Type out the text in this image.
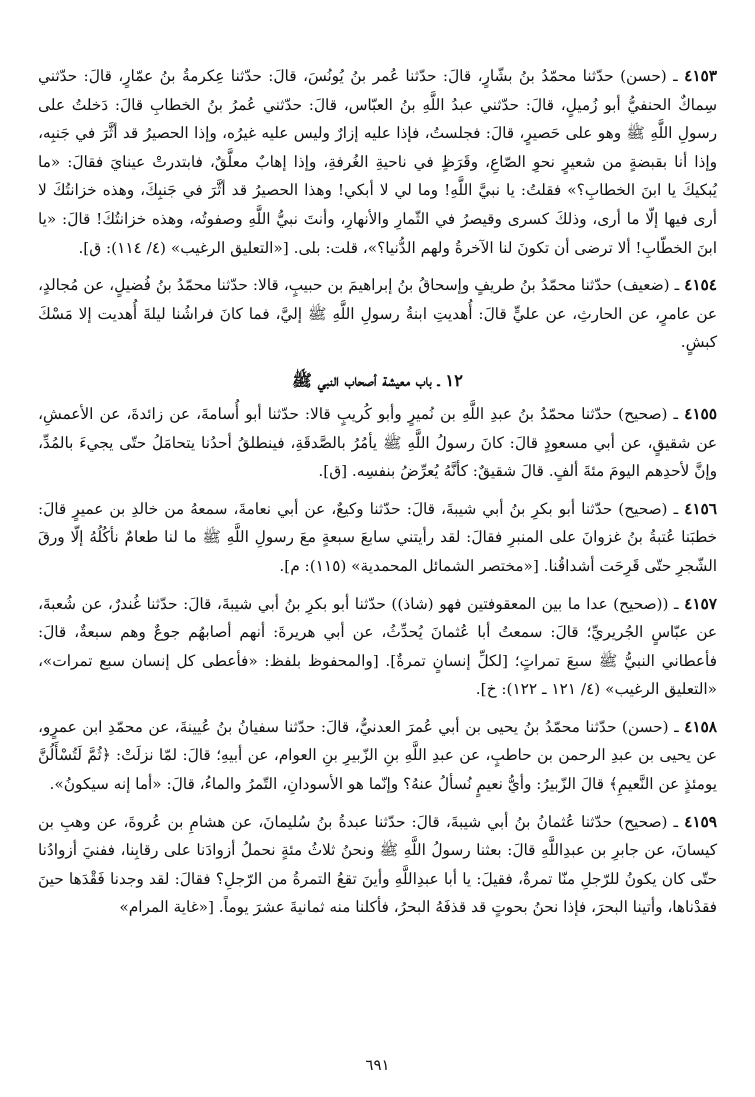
٤١٥٣ ـ (حسن) حدّثنا محمّدُ بنُ بشّارٍ، قالَ: حدّثنا عُمر بنُ يُونُسَ، قالَ: حدّثنا عِكرمةُ بنُ عمّارٍ، قالَ: حدّثني سِماكٌ الحنفيُّ أبو زُميلٍ، قالَ: حدّثني عبدُ اللَّهِ بنُ العبّاس، قالَ: حدّثني عُمرُ بنُ الخطابِ قالَ: دَخلتُ على رسولِ اللَّهِ ﷺ وهو على حَصيرٍ، قالَ: فجلستُ، فإذا عليه إزارٌ وليس عليه غيرُه، وإذا الحصيرُ قد أثَّرَ في جَنبِه، وإذا أنا بقبضةٍ من شعيرٍ نحوِ الصّاعِ، وقَرَظٍ في ناحيةِ الغُرفةِ، وإذا إهابٌ معلَّقٌ، فابتدرتْ عينايَ فقالَ: «ما يُبكيكَ يا ابنَ الخطابِ؟» فقلتُ: يا نبيَّ اللَّهِ! وما لي لا أبكي! وهذا الحصيرُ قد أثَّرَ في جَنبِكَ، وهذه خزانتُكَ لا أرى فيها إلّا ما أرى، وذلكَ كسرى وقيصرُ في الثّمارِ والأنهارِ، وأنتَ نبيُّ اللَّهِ وصفوتُه، وهذه خزانتُكَ! قالَ: «يا ابنَ الخطّابِ! ألا ترضى أن تكونَ لنا الآخرةُ ولهم الدُّنيا؟»، قلت: بلى. [«التعليق الرغيب» (٤/ ١١٤): ق].

٤١٥٤ ـ (ضعيف) حدّثنا محمّدُ بنُ طريفٍ وإسحاقُ بنُ إبراهيمَ بن حبيبٍ، قالا: حدّثنا محمّدُ بنُ فُضيلٍ، عن مُجالدٍ، عن عامرٍ، عن الحارثِ، عن عليٍّ قالَ: أُهديتِ ابنةُ رسولِ اللَّهِ ﷺ إليَّ، فما كانَ فراشُنا ليلةَ أُهديت إلا مَسْكَ كبشٍ.

١٢ ـ باب معيشة أصحاب النبي ﷺ

٤١٥٥ ـ (صحيح) حدّثنا محمّدُ بنُ عبدِ اللَّهِ بن نُميرٍ وأبو كُريبٍ قالا: حدّثنا أبو أُسامةَ، عن زائدةَ، عن الأعمشِ، عن شقيقٍ، عن أبي مسعودٍ قالَ: كانَ رسولُ اللَّهِ ﷺ يأمُرُ بالصَّدقَةِ، فينطلقُ أحدُنا يتحامَلُ حتّى يجيءَ بالمُدِّ، وإنَّ لأحدِهم اليومَ مئةَ ألفٍ. قالَ شقيقٌ: كأنَّهُ يُعرِّضُ بنفسِه. [ق].

٤١٥٦ ـ (صحيح) حدّثنا أبو بكرِ بنُ أبي شيبةَ، قالَ: حدّثنا وكيعٌ، عن أبي نعامةَ، سمعهُ من خالدِ بن عميرٍ قالَ: خطبَنا عُتبةُ بنُ غزوانَ على المنبرِ فقالَ: لقد رأيتني سابعَ سبعةٍ معَ رسولِ اللَّهِ ﷺ ما لنا طعامٌ نأكُلُهُ إلّا ورقَ الشّجرِ حتّى قَرِحَت أشداقُنا. [«مختصر الشمائل المحمدية» (١١٥): م].

٤١٥٧ ـ ((صحيح) عدا ما بين المعقوفتين فهو (شاذ)) حدّثنا أبو بكرِ بنُ أبي شيبةَ، قالَ: حدّثنا غُندرٌ، عن شُعبةَ، عن عبّاسٍ الجُريريِّ؛ قالَ: سمعتُ أبا عُثمانَ يُحدِّثُ، عن أبي هريرةَ: أنهم أصابهُم جوعٌ وهم سبعةٌ، قالَ: فأعطاني النبيُّ ﷺ سبعَ تمراتٍ؛ [لكلِّ إنسانٍ تمرةٌ]. [والمحفوظ بلفظ: «فأعطى كل إنسان سبع تمرات»، «التعليق الرغيب» (٤/ ١٢١ ـ ١٢٢): خ].

٤١٥٨ ـ (حسن) حدّثنا محمّدُ بنُ يحيى بن أبي عُمرَ العدنيُّ، قالَ: حدّثنا سفيانُ بنُ عُيينةَ، عن محمّدِ ابن عمرٍو، عن يحيى بن عبدِ الرحمن بن حاطبٍ، عن عبدِ اللَّهِ بنِ الزّبيرِ بنِ العوام، عن أبيهِ؛ قالَ: لمّا نزلَتْ: ﴿ثُمَّ لَتُسْأَلُنَّ يومئذٍ عن النَّعيمِ﴾ قالَ الزّبيرُ: وأيُّ نعيمٍ نُسألُ عنهُ؟ وإنّما هو الأسودانِ، التّمرُ والماءُ، قالَ: «أما إنه سيكونُ».

٤١٥٩ ـ (صحيح) حدّثنا عُثمانُ بنُ أبي شيبةَ، قالَ: حدّثنا عبدةُ بنُ سُليمانَ، عن هشامِ بن عُروةَ، عن وهبِ بن كيسانَ، عن جابرِ بن عبدِاللَّهِ قالَ: بعثنا رسولُ اللَّهِ ﷺ ونحنُ ثلاثُ مئةٍ نحملُ أزوادَنا على رقابِنا، ففنيَ أزوادُنا حتّى كان يكونُ للرّجلِ منّا تمرةٌ، فقيلَ: يا أبا عبدِاللَّهِ وأينَ تقعُ التمرةُ من الرّجلِ؟ فقالَ: لقد وجدنا فَقْدَها حينَ فقدْناها، وأتينا البحرَ، فإذا نحنُ بحوتٍ قد قذفَهُ البحرُ، فأكلنا منه ثمانيةَ عشرَ يوماً. [«غاية المرام»

٦٩١
